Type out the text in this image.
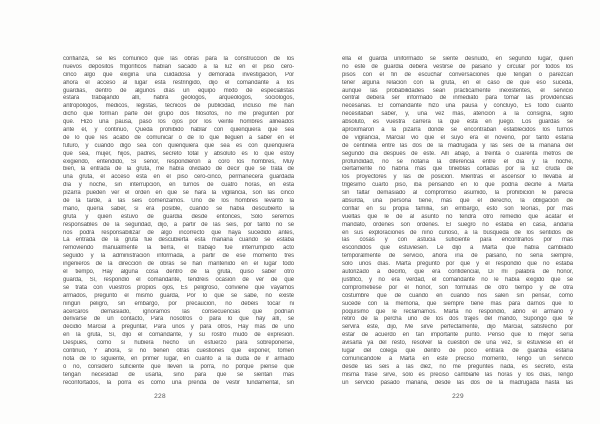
confianza, se les comunicó que las obras para la construcción de los
nuevos depósitos frigoríficos habían sacado a la luz en el piso cero-
cinco algo que exigiría una cuidadosa y demorada investigación, Por
ahora el acceso al lugar está restringido, dijo el comandante a los
guardias, dentro de algunos días un equipo mixto de especialistas
estará trabajando allí, habrá geólogos, arqueólogos, sociólogos,
antropólogos, médicos, legistas, técnicos de publicidad, incluso me han
dicho que forman parte del grupo dos filósofos, no me pregunten por
qué. Hizo una pausa, pasó los ojos por los veinte hombres alineados
ante él, y continuó, Queda prohibido hablar con quienquiera que sea
de lo que les acabo de comunicar o de lo que lleguen a saber en el
futuro, y cuando digo sea con quienquiera que sea es con quienquiera
que sea, mujer, hijos, padres, secreto total y absoluto es lo que estoy
exigiendo, entendido, Sí señor, respondieron a coro los hombres, Muy
bien, la entrada de la gruta, me había olvidado de decir que se trata de
una gruta, el acceso está en el piso cero-cinco, permanecerá guardada
día y noche, sin interrupción, en turnos de cuatro horas, en esta
pizarra pueden ver el orden en que se hará la vigilancia, son las cinco
de la tarde, a las seis comenzamos. Uno de los hombres levantó la
mano, quería saber, si era posible, cuándo se había descubierto la
gruta y quién estuvo de guardia desde entonces, Sólo seremos
responsables de la seguridad, dijo, a partir de las seis, por tanto no se
nos podrá responsabilizar de algo incorrecto que haya sucedido antes,
La entrada de la gruta fue descubierta esta mañana cuando se estaba
removiendo manualmente la tierra, el trabajo fue interrumpido acto
seguido y la administración informada, a partir de ese momento tres
ingenieros de la dirección de obras se han mantenido en el lugar todo
el tiempo, Hay alguna cosa dentro de la gruta, quiso saber otro
guarda, Sí, respondió el comandante, tendréis ocasión de ver de qué
se trata con vuestros propios ojos, Es peligroso, conviene que vayamos
armados, preguntó el mismo guarda, Por lo que se sabe, no existe
ningún peligro, sin embargo, por precaución, no debéis tocar ni
acercaros demasiado, ignoramos las consecuencias que podrían
derivarse de un contacto, Para nosotros o para lo que hay allí, se
decidió Marcial a preguntar, Para unos y para otros, Hay más de uno
en la gruta, Sí, dijo el comandante, y su rostro mudó de expresión.
Después, como si hubiera hecho un esfuerzo para sobreponerse,
continuó, Y ahora, si no tienen otras cuestiones que exponer, tomen
nota de lo siguiente, en primer lugar, en cuanto a la duda de ir armado
o no, considero suficiente que lleven la porra, no porque piense que
tengan necesidad de usarla, sino para que se sientan más
reconfortados, la porra es como una prenda de vestir fundamental, sin
ella el guarda uniformado se siente desnudo, en segundo lugar, quien
no esté de guardia deberá vestirse de paisano y circular por todos los
pisos con el fin de escuchar conversaciones que tengan o parezcan
tener alguna relación con la gruta, en el caso de que eso suceda,
aunque las probabilidades sean prácticamente inexistentes, el servicio
central deberá ser informado de inmediato para tomar las providencias
necesarias. El comandante hizo una pausa y concluyó, Es todo cuanto
necesitaban saber, y, una vez más, atención a la consigna, sigilo
absoluto, es vuestra carrera la que está en juego. Los guardas se
aproximaron a la pizarra donde se encontraban establecidos los turnos
de vigilancia, Marcial vio que el suyo era el noveno, por tanto estaría
de centinela entre las dos de la madrugada y las seis de la mañana del
segundo día después de éste. Allí abajo, a treinta o cuarenta metros de
profundidad, no se notaría la diferencia entre el día y la noche,
ciertamente no habría más que tinieblas cortadas por la luz cruda de
los proyectores y las de posición. Mientras el ascensor lo llevaba al
trigésimo cuarto piso, iba pensando en lo que podría decirle a Marta
sin faltar demasiado al compromiso asumido, la prohibición le parecía
absurda, una persona tiene, más que el derecho, la obligación de
confiar en su propia familia, sin embargo, esto son teorías, por más
vueltas que le dé al asunto no tendrá otro remedio que acatar el
mandato, órdenes son órdenes. El suegro no estaba en casa, andaría
en sus exploraciones de niño curioso, a la búsqueda de los sentidos de
las cosas y con astucia suficiente para encontrarlos por más
escondidos que estuviesen. Le dijo a Marta que había cambiado
temporalmente de servicio, ahora iría de paisano, no sería siempre,
sólo unos días. Marta preguntó por qué y él respondió que no estaba
autorizado a decirlo, que era confidencial, Di mi palabra de honor,
justificó, y no era verdad, el comandante no le había exigido que se
comprometiese por el honor, son fórmulas de otro tiempo y de otra
costumbre que de cuando en cuando nos salen sin pensar, como
sucede con la memoria, que siempre tiene más para darnos que lo
poquísimo que le reclamamos. Marta no respondió, abrió el armario y
retiró de la percha uno de los dos trajes del marido, Supongo que te
servirá éste, dijo, Me sirve perfectamente, dijo Marcial, satisfecho por
estar de acuerdo en tan importante punto. Pensó que lo mejor sería
avisarla ya del resto, resolver la cuestión de una vez, si estuviese en el
lugar del colega que dentro de poco entrará de guardia estaría
comunicándole a Marta en este preciso momento, Tengo un servicio
desde las seis a las diez, no me preguntes nada, es secreto, esta
misma frase sirve, sólo es preciso cambiarle las horas y los días, Tengo
un servicio pasado mañana, desde las dos de la madrugada hasta las
228	229
